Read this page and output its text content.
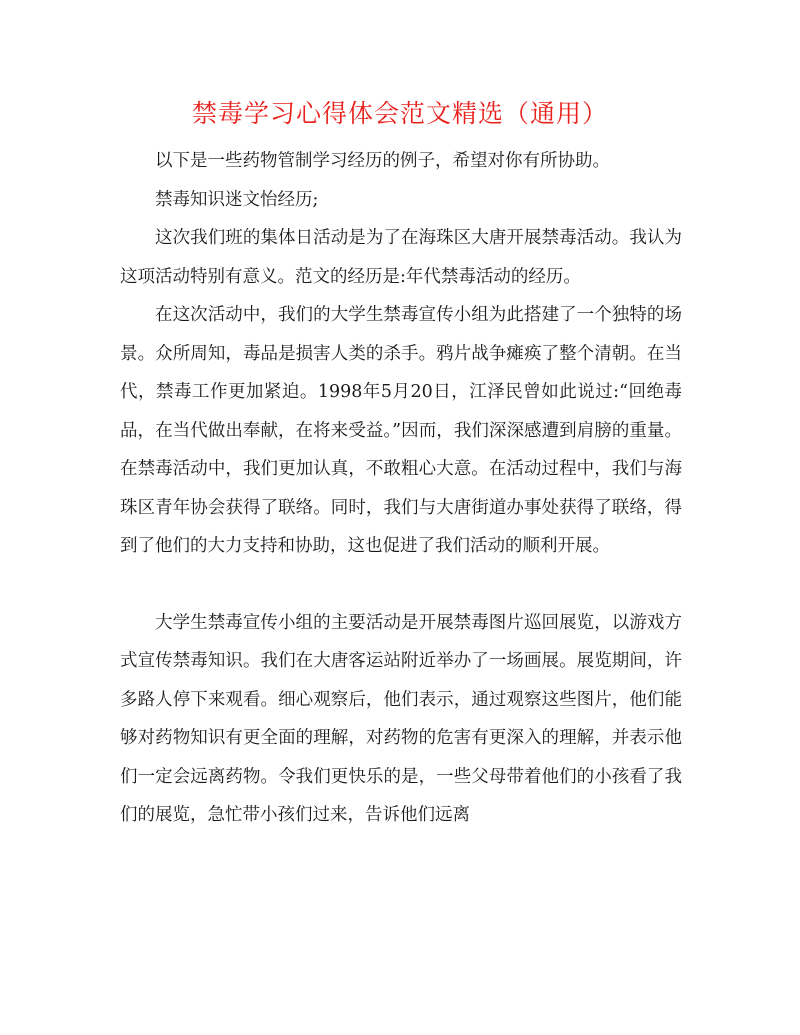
禁毒学习心得体会范文精选（通用）

以下是一些药物管制学习经历的例子，希望对你有所协助。

禁毒知识迷文怡经历;

这次我们班的集体日活动是为了在海珠区大唐开展禁毒活动。我认为这项活动特别有意义。范文的经历是:年代禁毒活动的经历。

在这次活动中，我们的大学生禁毒宣传小组为此搭建了一个独特的场景。众所周知，毒品是损害人类的杀手。鸦片战争瘫痪了整个清朝。在当代，禁毒工作更加紧迫。1998年5月20日，江泽民曾如此说过:“回绝毒品，在当代做出奉献，在将来受益。”因而，我们深深感遭到肩膀的重量。在禁毒活动中，我们更加认真，不敢粗心大意。在活动过程中，我们与海珠区青年协会获得了联络。同时，我们与大唐街道办事处获得了联络，得到了他们的大力支持和协助，这也促进了我们活动的顺利开展。

大学生禁毒宣传小组的主要活动是开展禁毒图片巡回展览，以游戏方式宣传禁毒知识。我们在大唐客运站附近举办了一场画展。展览期间，许多路人停下来观看。细心观察后，他们表示，通过观察这些图片，他们能够对药物知识有更全面的理解，对药物的危害有更深入的理解，并表示他们一定会远离药物。令我们更快乐的是，一些父母带着他们的小孩看了我们的展览，急忙带小孩们过来，告诉他们远离
